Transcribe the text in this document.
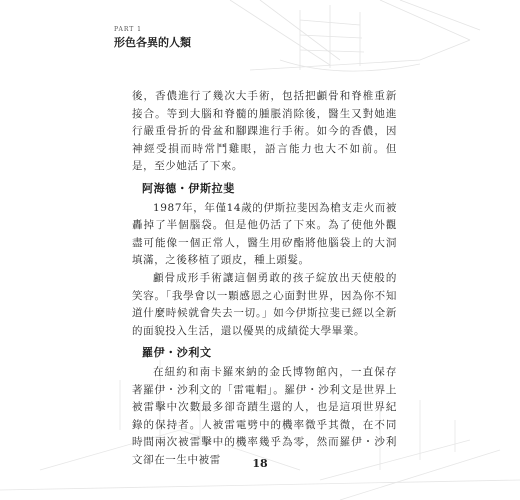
PART 1
形色各異的人類

後，香儂進行了幾次大手術，包括把顱骨和脊椎重新接合。等到大腦和脊髓的腫脹消除後，醫生又對她進行嚴重骨折的骨盆和腳踝進行手術。如今的香儂，因神經受損而時常鬥雞眼，語言能力也大不如前。但是，至少她活了下來。

阿海德・伊斯拉斐

1987年，年僅14歲的伊斯拉斐因為槍支走火而被轟掉了半個腦袋。但是他仍活了下來。為了使他外觀盡可能像一個正常人，醫生用矽酯將他腦袋上的大洞填滿，之後移植了頭皮，種上頭髮。

顱骨成形手術讓這個勇敢的孩子綻放出天使般的笑容。「我學會以一顆感恩之心面對世界，因為你不知道什麼時候就會失去一切。」如今伊斯拉斐已經以全新的面貌投入生活，還以優異的成績從大學畢業。

羅伊・沙利文

在紐約和南卡羅來納的金氏博物館內，一直保存著羅伊・沙利文的「雷電帽」。羅伊・沙利文是世界上被雷擊中次數最多卻奇蹟生還的人，也是這項世界紀錄的保持者。人被雷電劈中的機率微乎其微，在不同時間兩次被雷擊中的機率幾乎為零，然而羅伊・沙利文卻在一生中被雷	18
